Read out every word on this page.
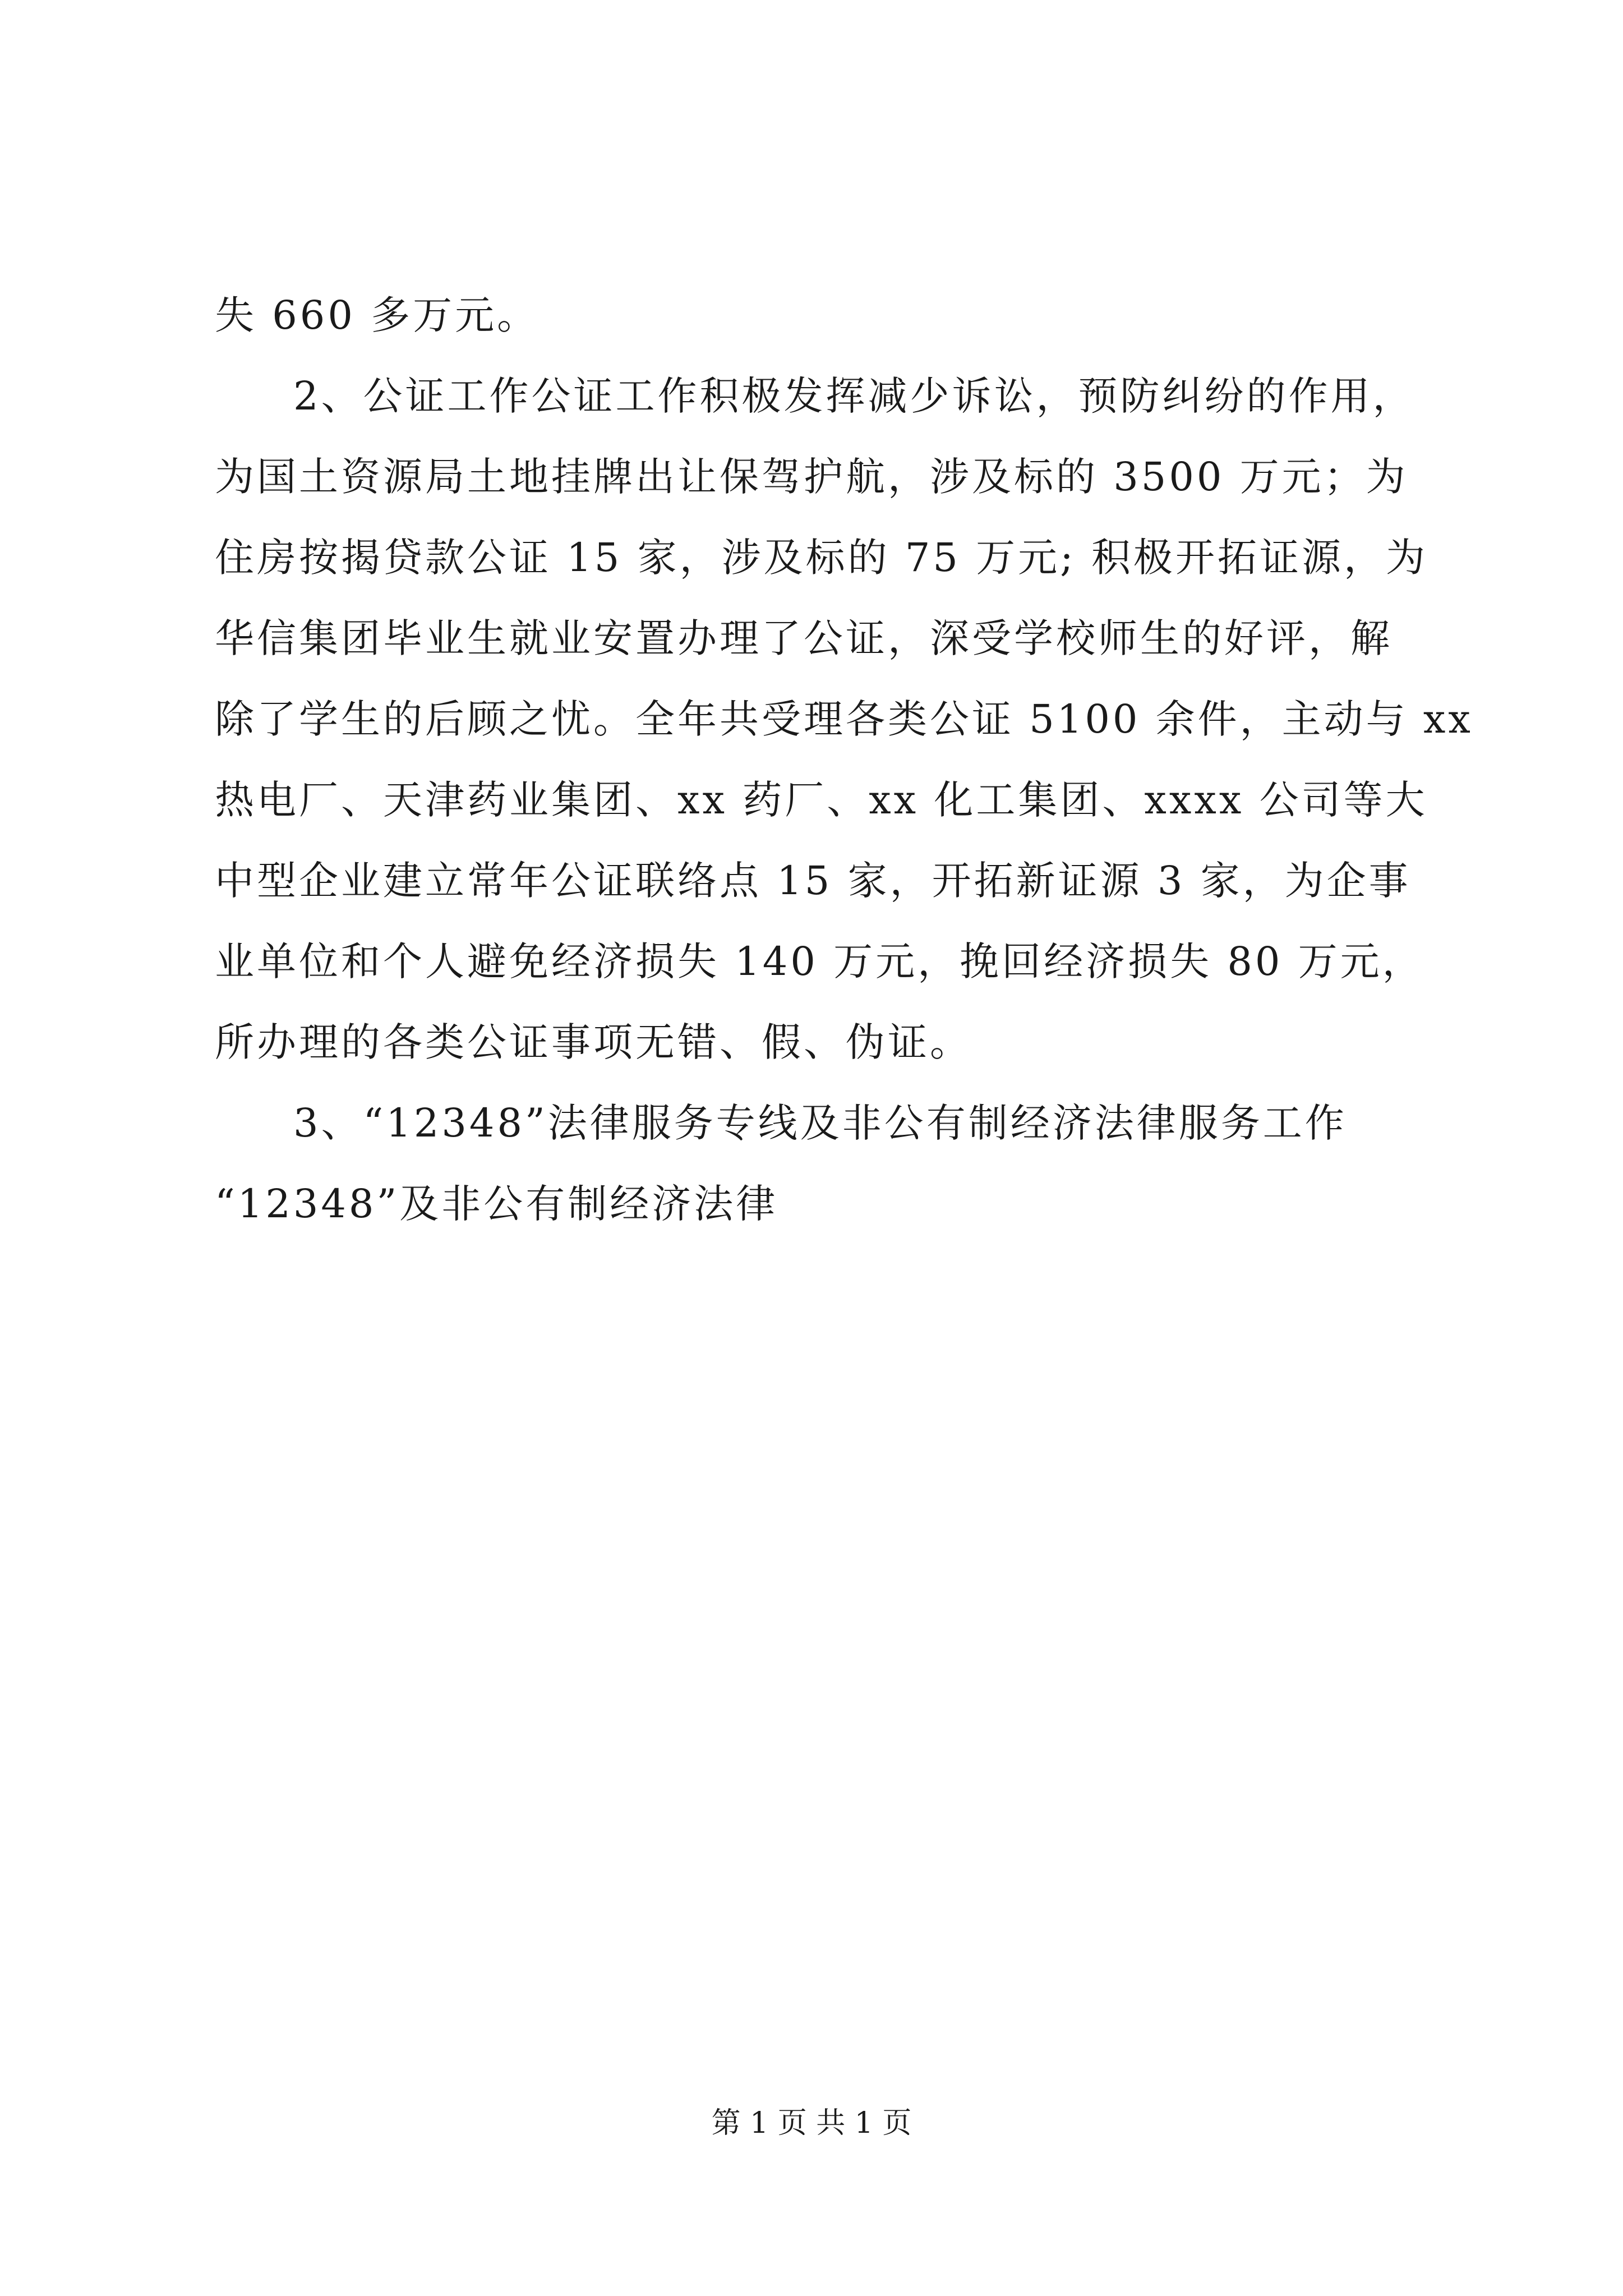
失 660 多万元。
2、公证工作公证工作积极发挥减少诉讼，预防纠纷的作用，
为国土资源局土地挂牌出让保驾护航，涉及标的 3500 万元；为
住房按揭贷款公证 15 家，涉及标的 75 万元; 积极开拓证源，为
华信集团毕业生就业安置办理了公证，深受学校师生的好评，解
除了学生的后顾之忧。全年共受理各类公证 5100 余件，主动与 xx
热电厂、天津药业集团、xx 药厂、xx 化工集团、xxxx 公司等大
中型企业建立常年公证联络点 15 家，开拓新证源 3 家，为企事
业单位和个人避免经济损失 140 万元，挽回经济损失 80 万元，
所办理的各类公证事项无错、假、伪证。
3、“12348”法律服务专线及非公有制经济法律服务工作
“12348”及非公有制经济法律
第 1 页 共 1 页
